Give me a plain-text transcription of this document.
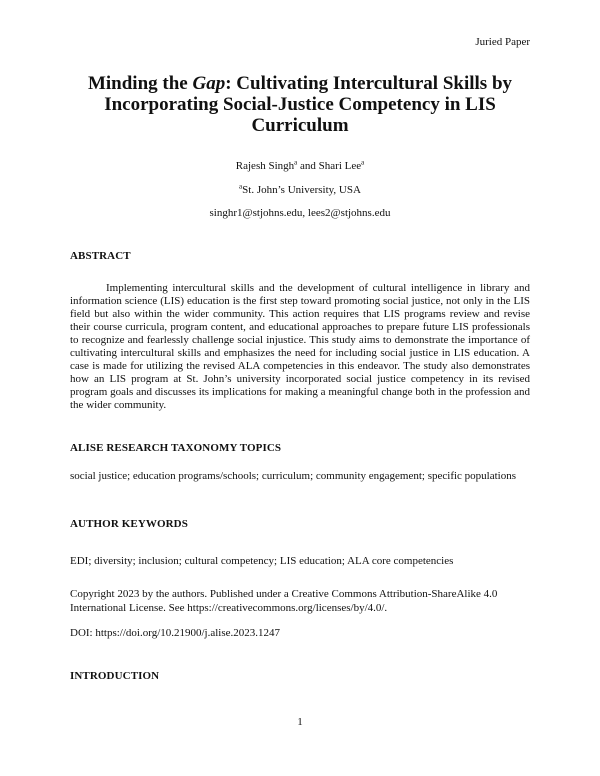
Juried Paper
Minding the Gap: Cultivating Intercultural Skills by Incorporating Social-Justice Competency in LIS Curriculum
Rajesh Singh$^a$ and Shari Lee$^a$
$^a$St. John’s University, USA
singhr1@stjohns.edu, lees2@stjohns.edu
ABSTRACT
Implementing intercultural skills and the development of cultural intelligence in library and information science (LIS) education is the first step toward promoting social justice, not only in the LIS field but also within the wider community. This action requires that LIS programs review and revise their course curricula, program content, and educational approaches to prepare future LIS professionals to recognize and fearlessly challenge social injustice. This study aims to demonstrate the importance of cultivating intercultural skills and emphasizes the need for including social justice in LIS education. A case is made for utilizing the revised ALA competencies in this endeavor. The study also demonstrates how an LIS program at St. John’s university incorporated social justice competency in its revised program goals and discusses its implications for making a meaningful change both in the profession and the wider community.
ALISE RESEARCH TAXONOMY TOPICS
social justice; education programs/schools; curriculum; community engagement; specific populations
AUTHOR KEYWORDS
EDI; diversity; inclusion; cultural competency; LIS education; ALA core competencies
Copyright 2023 by the authors. Published under a Creative Commons Attribution-ShareAlike 4.0 International License. See https://creativecommons.org/licenses/by/4.0/.
DOI: https://doi.org/10.21900/j.alise.2023.1247
INTRODUCTION
1
